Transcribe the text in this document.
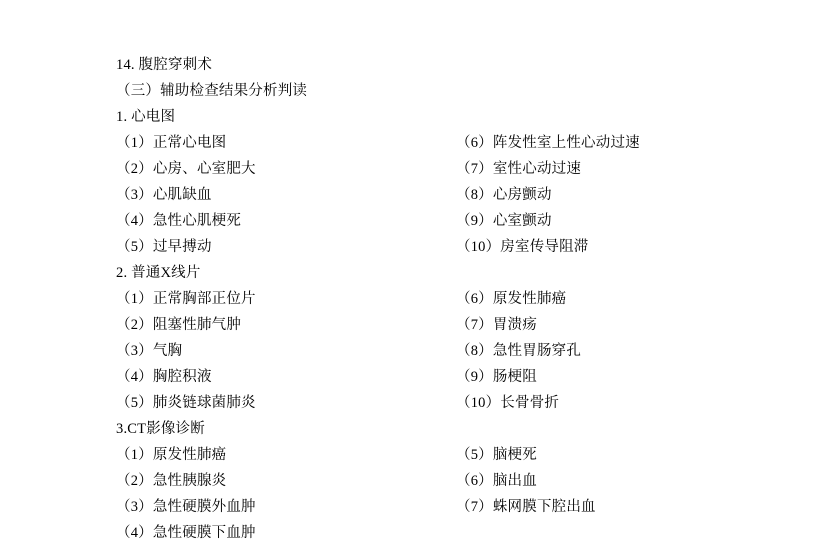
14. 腹腔穿刺术
（三）辅助检查结果分析判读
1. 心电图
（1）正常心电图	（6）阵发性室上性心动过速
（2）心房、心室肥大	（7）室性心动过速
（3）心肌缺血	（8）心房颤动
（4）急性心肌梗死	（9）心室颤动
（5）过早搏动	（10）房室传导阻滞
2. 普通X线片
（1）正常胸部正位片	（6）原发性肺癌
（2）阻塞性肺气肿	（7）胃溃疡
（3）气胸	（8）急性胃肠穿孔
（4）胸腔积液	（9）肠梗阻
（5）肺炎链球菌肺炎	（10）长骨骨折
3.CT影像诊断
（1）原发性肺癌	（5）脑梗死
（2）急性胰腺炎	（6）脑出血
（3）急性硬膜外血肿	（7）蛛网膜下腔出血
（4）急性硬膜下血肿
